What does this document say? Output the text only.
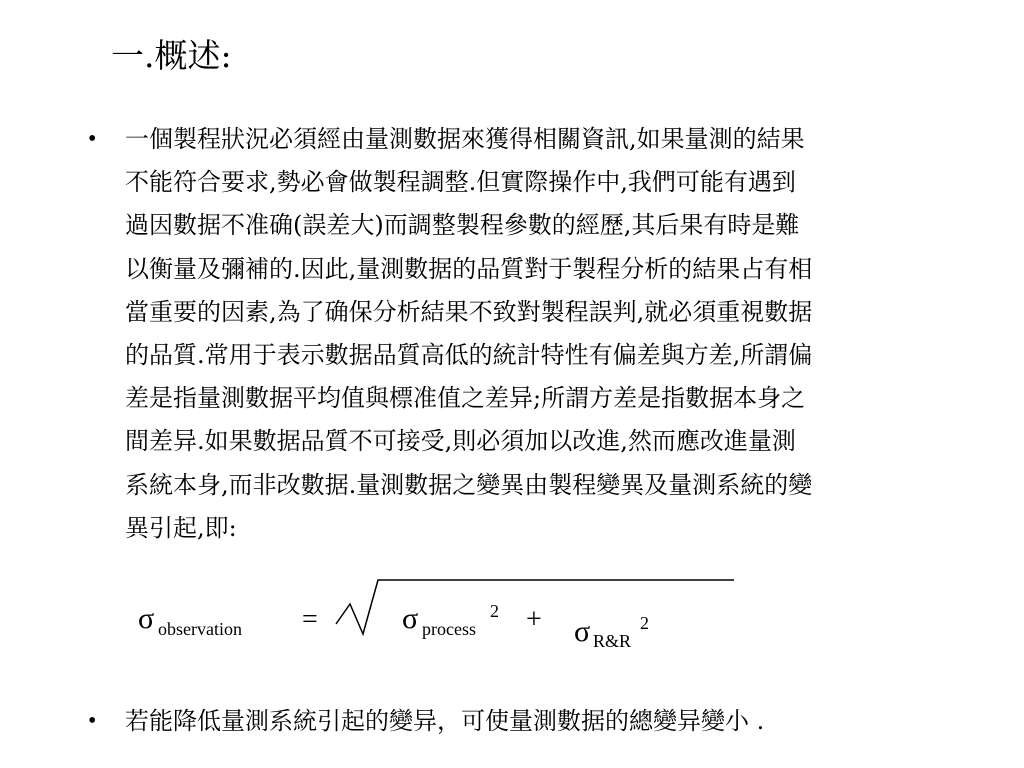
一.概述:
• 一個製程狀況必須經由量測數据來獲得相關資訊,如果量測的結果
不能符合要求,勢必會做製程調整.但實際操作中,我們可能有遇到
過因數据不准确(誤差大)而調整製程參數的經歷,其后果有時是難
以衡量及彌補的.因此,量測數据的品質對于製程分析的結果占有相
當重要的因素,為了确保分析結果不致對製程誤判,就必須重視數据
的品質.常用于表示數据品質高低的統計特性有偏差與方差,所謂偏
差是指量測數据平均值與標准值之差异;所謂方差是指數据本身之
間差异.如果數据品質不可接受,則必須加以改進,然而應改進量測
系統本身,而非改數据.量測數据之變異由製程變異及量測系統的變
異引起,即:
σ observation =	σ process
2 + σ R&R
2
• 若能降低量測系統引起的變异，可使量測數据的總變异變小 .
